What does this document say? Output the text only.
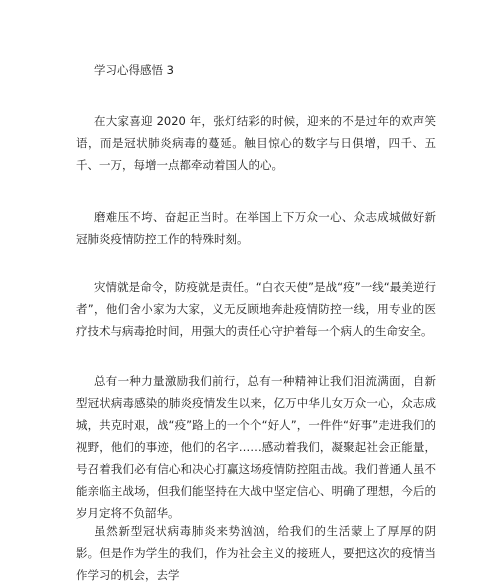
学习心得感悟 3

在大家喜迎 2020 年，张灯结彩的时候，迎来的不是过年的欢声笑语，而是冠状肺炎病毒的蔓延。触目惊心的数字与日俱增，四千、五千、一万，每增一点都牵动着国人的心。

磨难压不垮、奋起正当时。在举国上下万众一心、众志成城做好新冠肺炎疫情防控工作的特殊时刻。

灾情就是命令，防疫就是责任。“白衣天使”是战“疫”一线“最美逆行者”，他们舍小家为大家，义无反顾地奔赴疫情防控一线，用专业的医疗技术与病毒抢时间，用强大的责任心守护着每一个病人的生命安全。

总有一种力量激励我们前行，总有一种精神让我们泪流满面，自新型冠状病毒感染的肺炎疫情发生以来，亿万中华儿女万众一心，众志成城，共克时艰，战“疫”路上的一个个“好人”，一件件“好事”走进我们的视野，他们的事迹，他们的名字……感动着我们，凝聚起社会正能量，号召着我们必有信心和决心打赢这场疫情防控阻击战。我们普通人虽不能亲临主战场，但我们能坚持在大战中坚定信心、明确了理想，今后的岁月定将不负韶华。

虽然新型冠状病毒肺炎来势汹汹，给我们的生活蒙上了厚厚的阴影。但是作为学生的我们，作为社会主义的接班人，要把这次的疫情当作学习的机会，去学
